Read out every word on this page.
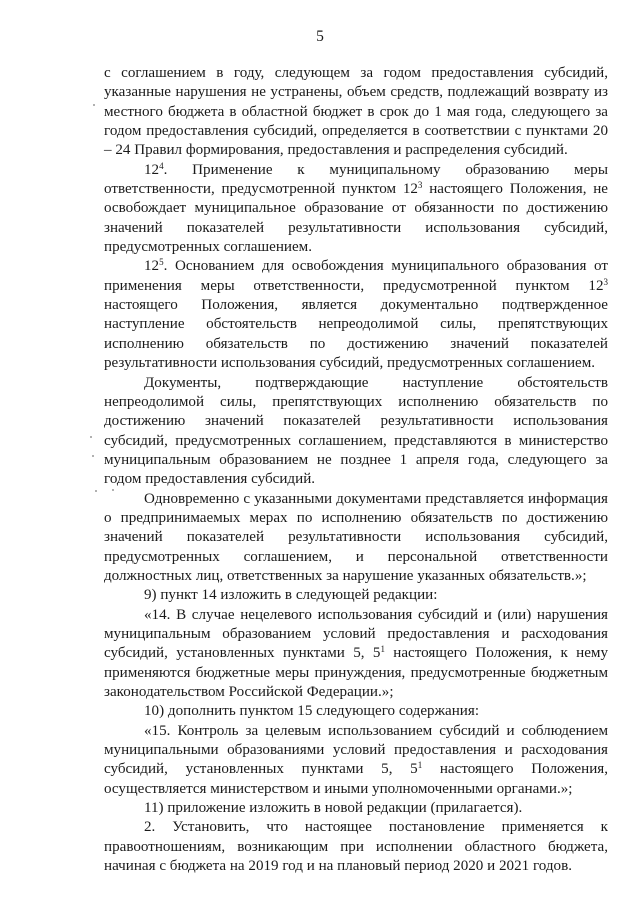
5

с соглашением в году, следующем за годом предоставления субсидий, указанные нарушения не устранены, объем средств, подлежащий возврату из местного бюджета в областной бюджет в срок до 1 мая года, следующего за годом предоставления субсидий, определяется в соответствии с пунктами 20 – 24 Правил формирования, предоставления и распределения субсидий.

$12^4$. Применение к муниципальному образованию меры ответственности, предусмотренной пунктом $12^3$ настоящего Положения, не освобождает муниципальное образование от обязанности по достижению значений показателей результативности использования субсидий, предусмотренных соглашением.

$12^5$. Основанием для освобождения муниципального образования от применения меры ответственности, предусмотренной пунктом $12^3$ настоящего Положения, является документально подтвержденное наступление обстоятельств непреодолимой силы, препятствующих исполнению обязательств по достижению значений показателей результативности использования субсидий, предусмотренных соглашением.

Документы, подтверждающие наступление обстоятельств непреодолимой силы, препятствующих исполнению обязательств по достижению значений показателей результативности использования субсидий, предусмотренных соглашением, представляются в министерство муниципальным образованием не позднее 1 апреля года, следующего за годом предоставления субсидий.

Одновременно с указанными документами представляется информация о предпринимаемых мерах по исполнению обязательств по достижению значений показателей результативности использования субсидий, предусмотренных соглашением, и персональной ответственности должностных лиц, ответственных за нарушение указанных обязательств.»;

9) пункт 14 изложить в следующей редакции:

«14. В случае нецелевого использования субсидий и (или) нарушения муниципальным образованием условий предоставления и расходования субсидий, установленных пунктами 5, $5^1$ настоящего Положения, к нему применяются бюджетные меры принуждения, предусмотренные бюджетным законодательством Российской Федерации.»;

10) дополнить пунктом 15 следующего содержания:

«15. Контроль за целевым использованием субсидий и соблюдением муниципальными образованиями условий предоставления и расходования субсидий, установленных пунктами 5, $5^1$ настоящего Положения, осуществляется министерством и иными уполномоченными органами.»;

11) приложение изложить в новой редакции (прилагается).

2. Установить, что настоящее постановление применяется к правоотношениям, возникающим при исполнении областного бюджета, начиная с бюджета на 2019 год и на плановый период 2020 и 2021 годов.
